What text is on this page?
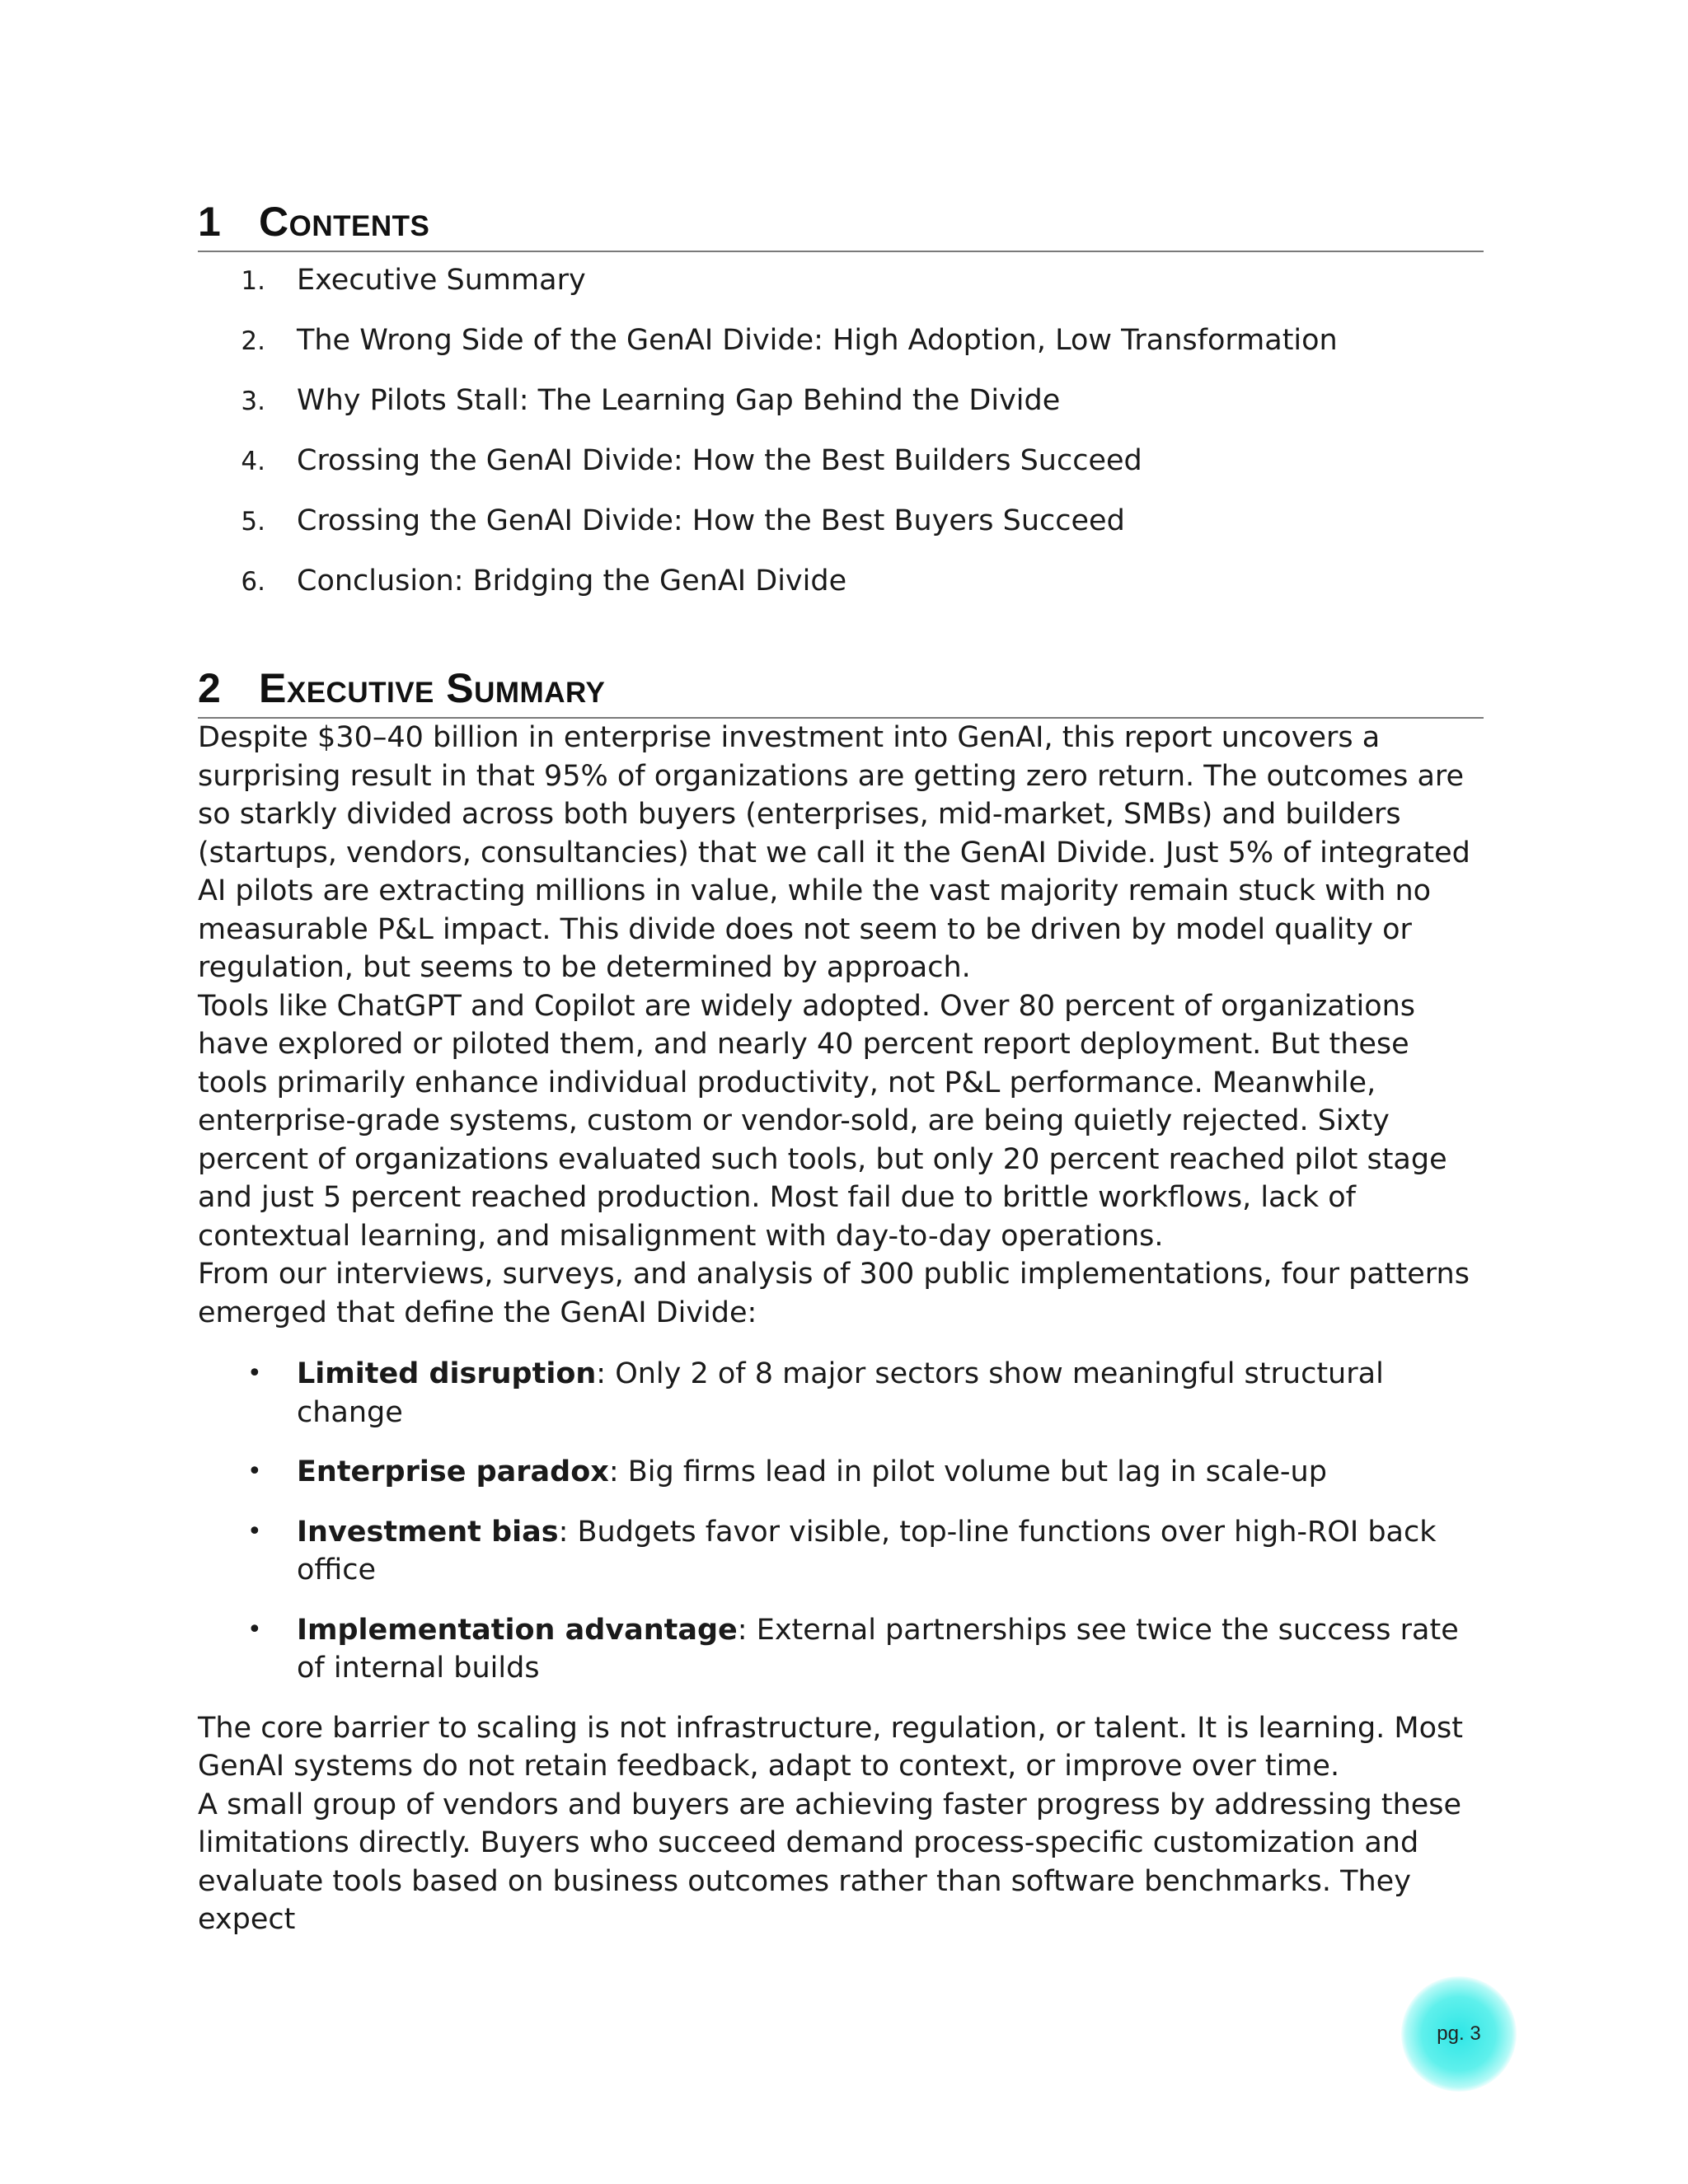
1 Contents
1.	Executive Summary
2.	The Wrong Side of the GenAI Divide: High Adoption, Low Transformation
3.	Why Pilots Stall: The Learning Gap Behind the Divide
4.	Crossing the GenAI Divide: How the Best Builders Succeed
5.	Crossing the GenAI Divide: How the Best Buyers Succeed
6.	Conclusion: Bridging the GenAI Divide
2 Executive Summary

Despite $30–40 billion in enterprise investment into GenAI, this report uncovers a surprising result in that 95% of organizations are getting zero return. The outcomes are so starkly divided across both buyers (enterprises, mid-market, SMBs) and builders (startups, vendors, consultancies) that we call it the GenAI Divide. Just 5% of integrated AI pilots are extracting millions in value, while the vast majority remain stuck with no measurable P&L impact. This divide does not seem to be driven by model quality or regulation, but seems to be determined by approach.

Tools like ChatGPT and Copilot are widely adopted. Over 80 percent of organizations have explored or piloted them, and nearly 40 percent report deployment. But these tools primarily enhance individual productivity, not P&L performance. Meanwhile, enterprise-grade systems, custom or vendor-sold, are being quietly rejected. Sixty percent of organizations evaluated such tools, but only 20 percent reached pilot stage and just 5 percent reached production. Most fail due to brittle workflows, lack of contextual learning, and misalignment with day-to-day operations.

From our interviews, surveys, and analysis of 300 public implementations, four patterns emerged that define the GenAI Divide:

•	Limited disruption: Only 2 of 8 major sectors show meaningful structural change
•	Enterprise paradox: Big firms lead in pilot volume but lag in scale-up
•	Investment bias: Budgets favor visible, top-line functions over high-ROI back office
•	Implementation advantage: External partnerships see twice the success rate of internal builds

The core barrier to scaling is not infrastructure, regulation, or talent. It is learning. Most GenAI systems do not retain feedback, adapt to context, or improve over time.

A small group of vendors and buyers are achieving faster progress by addressing these limitations directly. Buyers who succeed demand process-specific customization and evaluate tools based on business outcomes rather than software benchmarks. They expect

pg. 3
